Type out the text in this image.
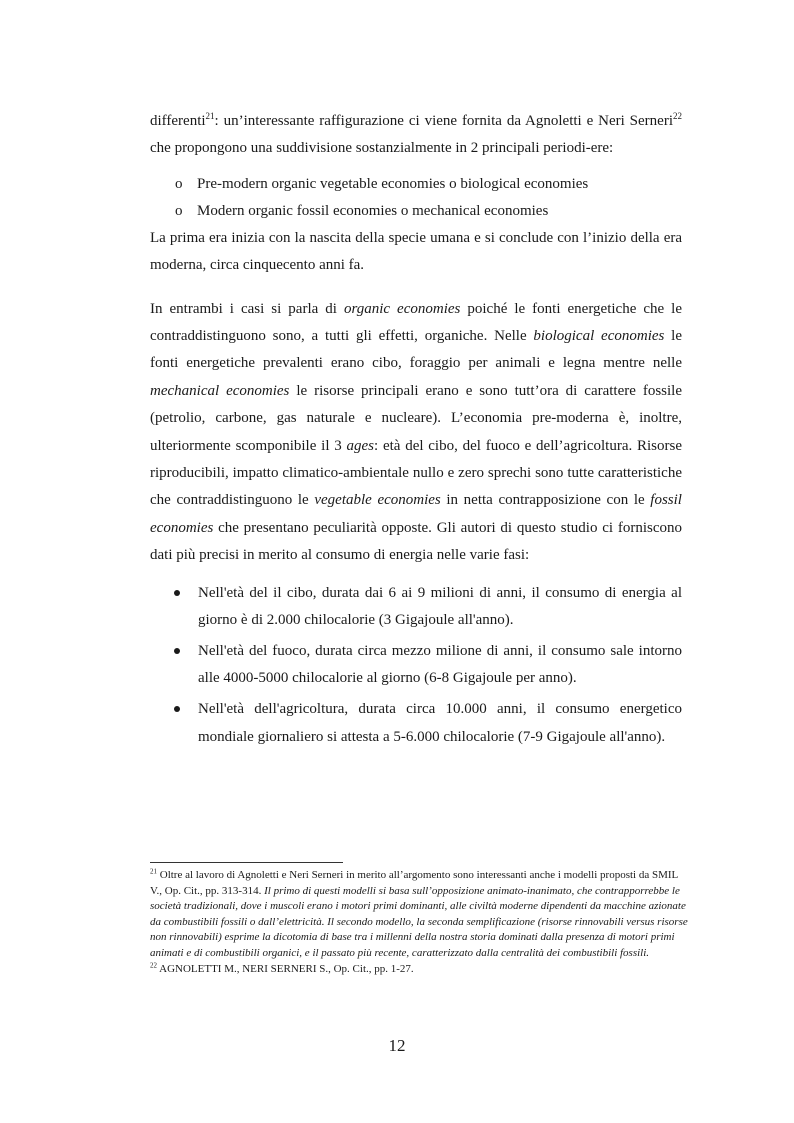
differenti$^{21}$: un’interessante raffigurazione ci viene fornita da Agnoletti e Neri Serneri$^{22}$ che propongono una suddivisione sostanzialmente in 2 principali periodi-ere:

o Pre-modern organic vegetable economies o biological economies
o Modern organic fossil economies o mechanical economies

La prima era inizia con la nascita della specie umana e si conclude con l’inizio della era moderna, circa cinquecento anni fa.

In entrambi i casi si parla di organic economies poiché le fonti energetiche che le contraddistinguono sono, a tutti gli effetti, organiche. Nelle biological economies le fonti energetiche prevalenti erano cibo, foraggio per animali e legna mentre nelle mechanical economies le risorse principali erano e sono tutt’ora di carattere fossile (petrolio, carbone, gas naturale e nucleare). L’economia pre-moderna è, inoltre, ulteriormente scomponibile il 3 ages: età del cibo, del fuoco e dell’agricoltura. Risorse riproducibili, impatto climatico-ambientale nullo e zero sprechi sono tutte caratteristiche che contraddistinguono le vegetable economies in netta contrapposizione con le fossil economies che presentano peculiarità opposte. Gli autori di questo studio ci forniscono dati più precisi in merito al consumo di energia nelle varie fasi:

Nell'età del il cibo, durata dai 6 ai 9 milioni di anni, il consumo di energia al giorno è di 2.000 chilocalorie (3 Gigajoule all'anno).
Nell'età del fuoco, durata circa mezzo milione di anni, il consumo sale intorno alle 4000-5000 chilocalorie al giorno (6-8 Gigajoule per anno).
Nell'età dell'agricoltura, durata circa 10.000 anni, il consumo energetico mondiale giornaliero si attesta a 5-6.000 chilocalorie (7-9 Gigajoule all'anno).

$^{21}$ Oltre al lavoro di Agnoletti e Neri Serneri in merito all’argomento sono interessanti anche i modelli proposti da SMIL V., Op. Cit., pp. 313-314. Il primo di questi modelli si basa sull’opposizione animato-inanimato, che contrapporrebbe le società tradizionali, dove i muscoli erano i motori primi dominanti, alle civiltà moderne dipendenti da macchine azionate da combustibili fossili o dall’elettricità. Il secondo modello, la seconda semplificazione (risorse rinnovabili versus risorse non rinnovabili) esprime la dicotomia di base tra i millenni della nostra storia dominati dalla presenza di motori primi animati e di combustibili organici, e il passato più recente, caratterizzato dalla centralità dei combustibili fossili.

$^{22}$ AGNOLETTI M., NERI SERNERI S., Op. Cit., pp. 1-27.

12
